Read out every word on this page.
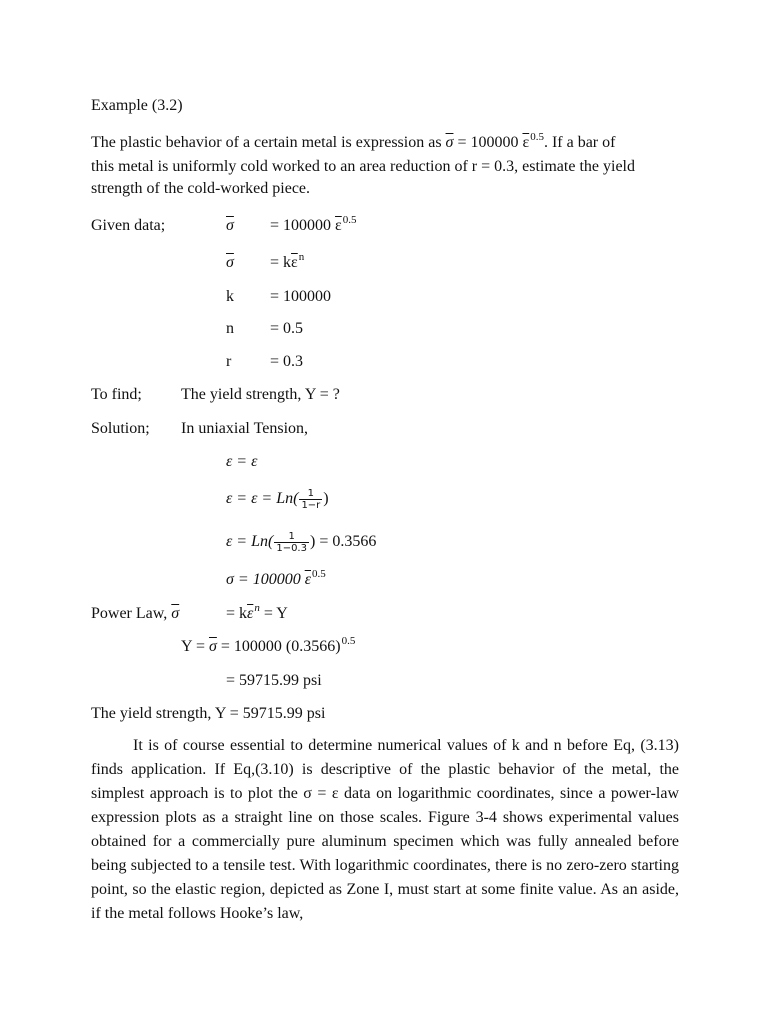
Example (3.2)
The plastic behavior of a certain metal is expression as $\overline{\sigma} = 100000$ $\overline{\varepsilon}^{0.5}$. If a bar of
this metal is uniformly cold worked to an area reduction of r = 0.3, estimate the yield
strength of the cold-worked piece.
Given data;	$\overline{\sigma} = 100000$ $\overline{\varepsilon}^{0.5}$
$\overline{\sigma} = k\overline{\varepsilon}^n$
k = 100000
n = 0.5
r = 0.3
To find; The yield strength, Y = ?
Solution; In uniaxial Tension,
ε = ε
$\varepsilon = \varepsilon = Ln( \frac{1}{1-r}$ )
$\varepsilon = Ln( \frac{1}{1-0.3}$ ) = 0.3566
σ = 100000 $\overline{\varepsilon}^{0.5}$
Power Law, $\overline{\sigma}$	= $k\overline{\varepsilon}^n = Y$
$Y = \overline{\sigma} = 100000$ $(0.3566)^{0.5}$
= 59715.99 psi
The yield strength, Y = 59715.99 psi
It is of course essential to determine numerical values of k and n before Eq, (3.13) finds application. If Eq,(3.10) is descriptive of the plastic behavior of the metal, the simplest approach is to plot the σ = ε data on logarithmic coordinates, since a power-law expression plots as a straight line on those scales. Figure 3-4 shows experimental values obtained for a commercially pure aluminum specimen which was fully annealed before being subjected to a tensile test. With logarithmic coordinates, there is no zero-zero starting point, so the elastic region, depicted as Zone I, must start at some finite value. As an aside, if the metal follows Hooke’s law,
